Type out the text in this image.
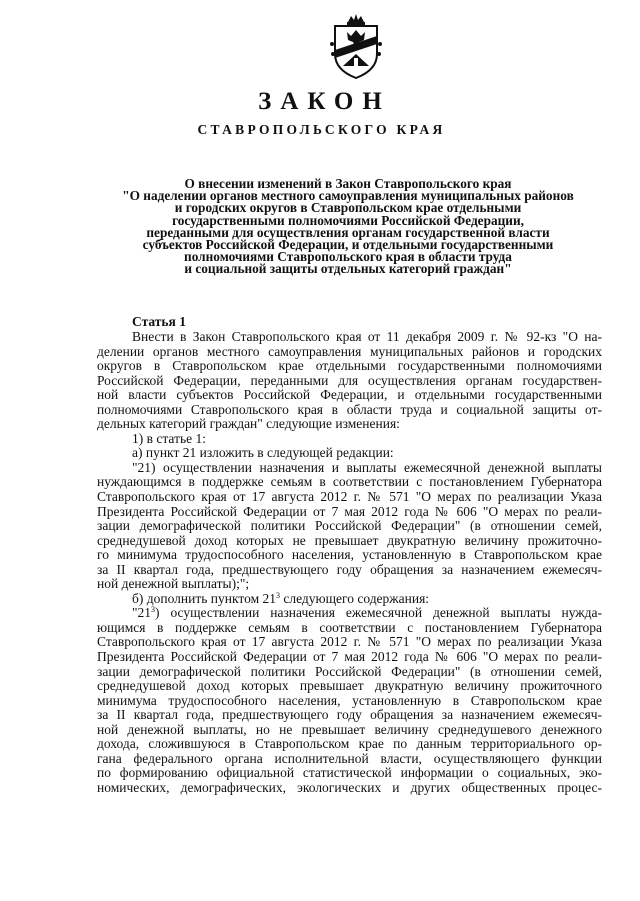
ЗАКОН
СТАВРОПОЛЬСКОГО КРАЯ
О внесении изменений в Закон Ставропольского края
"О наделении органов местного самоуправления муниципальных районов
и городских округов в Ставропольском крае отдельными
государственными полномочиями Российской Федерации,
переданными для осуществления органам государственной власти
субъектов Российской Федерации, и отдельными государственными
полномочиями Ставропольского края в области труда
и социальной защиты отдельных категорий граждан"
Статья 1
Внести в Закон Ставропольского края от 11 декабря 2009 г. № 92-кз "О на-
делении органов местного самоуправления муниципальных районов и городских
округов в Ставропольском крае отдельными государственными полномочиями
Российской Федерации, переданными для осуществления органам государствен-
ной власти субъектов Российской Федерации, и отдельными государственными
полномочиями Ставропольского края в области труда и социальной защиты от-
дельных категорий граждан" следующие изменения:
1) в статье 1:
а) пункт 21 изложить в следующей редакции:
"21) осуществлении назначения и выплаты ежемесячной денежной выплаты
нуждающимся в поддержке семьям в соответствии с постановлением Губернатора
Ставропольского края от 17 августа 2012 г. № 571 "О мерах по реализации Указа
Президента Российской Федерации от 7 мая 2012 года № 606 "О мерах по реали-
зации демографической политики Российской Федерации" (в отношении семей,
среднедушевой доход которых не превышает двукратную величину прожиточно-
го минимума трудоспособного населения, установленную в Ставропольском крае
за II квартал года, предшествующего году обращения за назначением ежемесяч-
ной денежной выплаты);";
б) дополнить пунктом $21^3$ следующего содержания:
"$21^3$) осуществлении назначения ежемесячной денежной выплаты нужда-
ющимся в поддержке семьям в соответствии с постановлением Губернатора
Ставропольского края от 17 августа 2012 г. № 571 "О мерах по реализации Указа
Президента Российской Федерации от 7 мая 2012 года № 606 "О мерах по реали-
зации демографической политики Российской Федерации" (в отношении семей,
среднедушевой доход которых превышает двукратную величину прожиточного
минимума трудоспособного населения, установленную в Ставропольском крае
за II квартал года, предшествующего году обращения за назначением ежемесяч-
ной денежной выплаты, но не превышает величину среднедушевого денежного
дохода, сложившуюся в Ставропольском крае по данным территориального ор-
гана федерального органа исполнительной власти, осуществляющего функции
по формированию официальной статистической информации о социальных, эко-
номических, демографических, экологических и других общественных процес-
